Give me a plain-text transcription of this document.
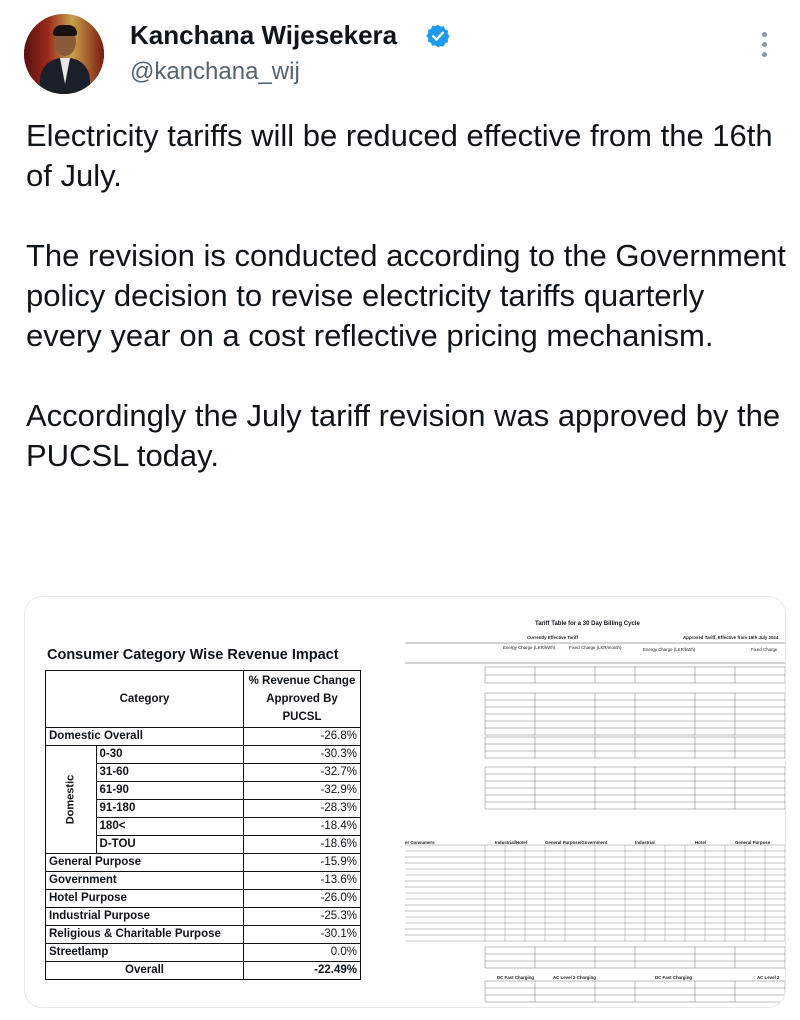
Kanchana Wijesekera
@kanchana_wij

Electricity tariffs will be reduced effective from the 16th of July.

The revision is conducted according to the Government policy decision to revise electricity tariffs quarterly every year on a cost reflective pricing mechanism.

Accordingly the July tariff revision was approved by the PUCSL today.

Consumer Category Wise Revenue Impact
Category		% Revenue Change Approved By PUCSL
Domestic Overall		-26.8%
Domestic	0-30	-30.3%
	31-60	-32.7%
	61-90	-32.9%
	91-180	-28.3%
	180<	-18.4%
	D-TOU	-18.6%
General Purpose		-15.9%
Government		-13.6%
Hotel Purpose		-26.0%
Industrial Purpose		-25.3%
Religious & Charitable Purpose		-30.1%
Streetlamp		0.0%
Overall		-22.49%
Tariff Table for a 30 Day Billing Cycle
Currently Effective Tariff	Approved Tariff, Effective from 16th July 2024
Energy Charge (LKR/kWh)	Fixed Charge (LKR/month)	Energy Charge (LKR/kWh)	Fixed Charge
er Consumers	Industrial/Hotel	General Purpose/Government	Industrial	Hotel	General Purpose
DC Fast Charging	AC Level 2 Charging	DC Fast Charging	AC Level 2
